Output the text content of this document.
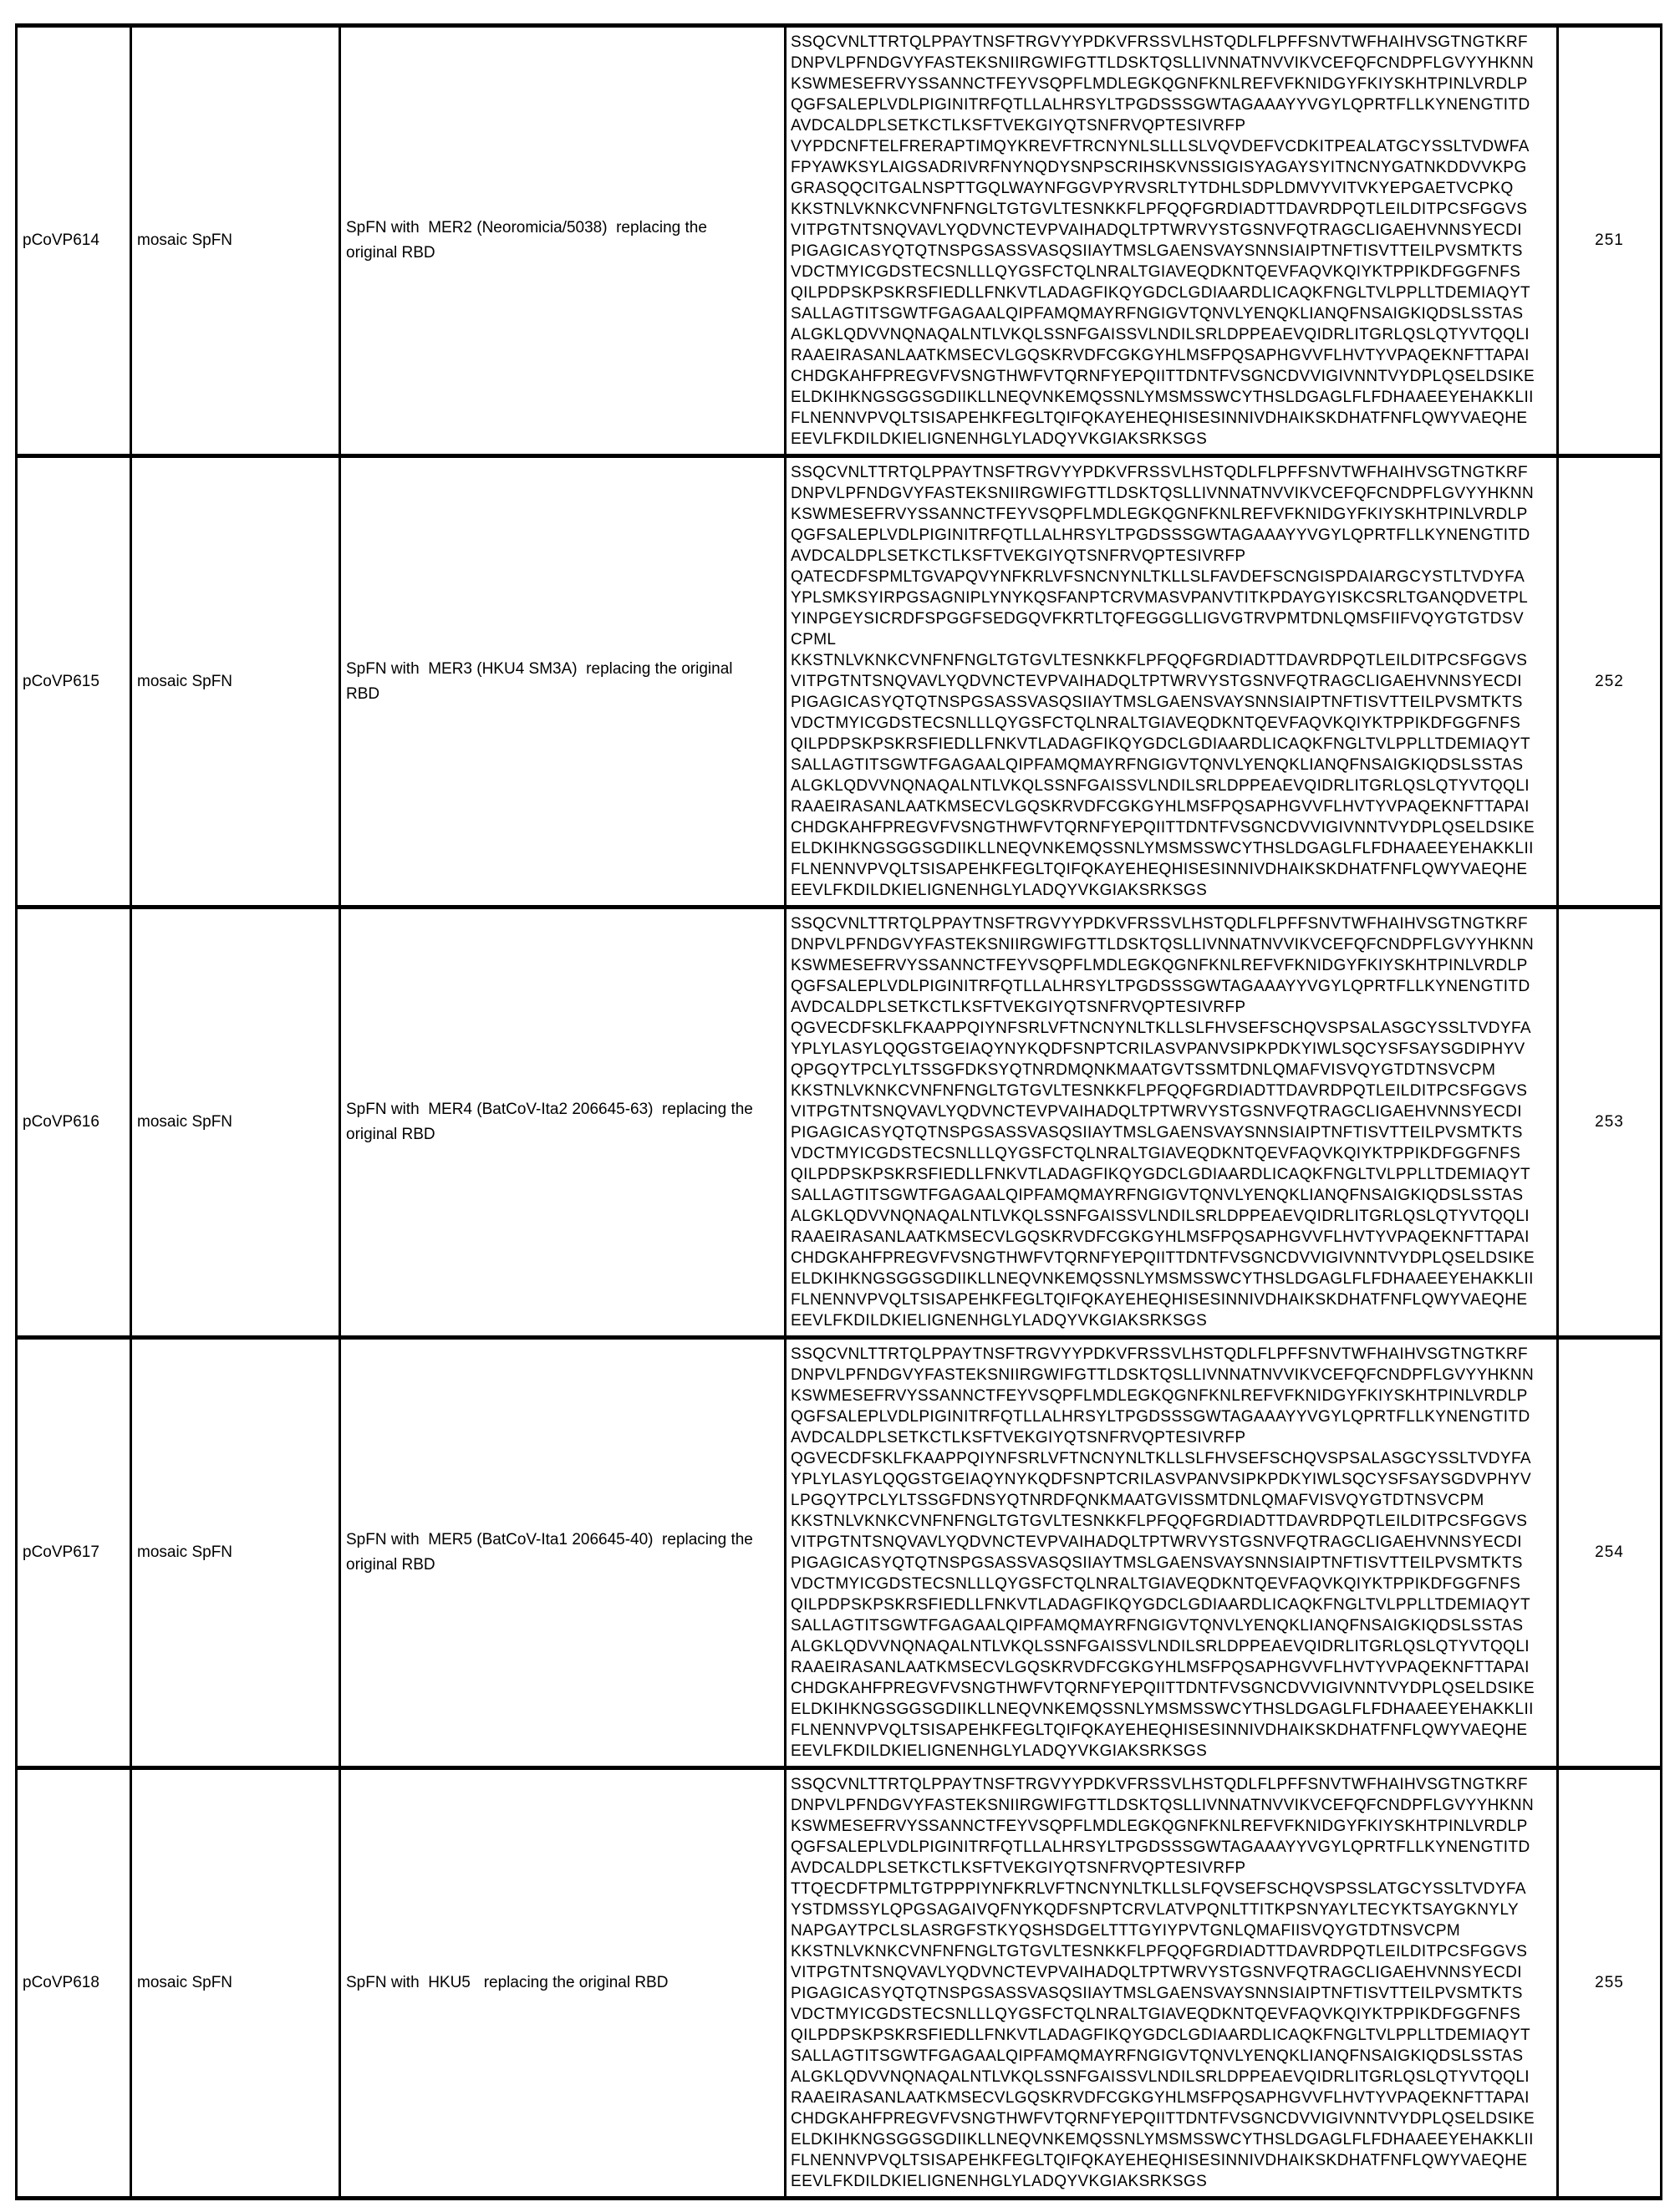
pCoVP614	mosaic SpFN	SpFN with  MER2 (Neoromicia/5038)  replacing the
original RBD	SSQCVNLTTRTQLPPAYTNSFTRGVYYPDKVFRSSVLHSTQDLFLPFFSNVTWFHAIHVSGTNGTKRF
DNPVLPFNDGVYFASTEKSNIIRGWIFGTTLDSKTQSLLIVNNATNVVIKVCEFQFCNDPFLGVYYHKNN
KSWMESEFRVYSSANNCTFEYVSQPFLMDLEGKQGNFKNLREFVFKNIDGYFKIYSKHTPINLVRDLP
QGFSALEPLVDLPIGINITRFQTLLALHRSYLTPGDSSSGWTAGAAAYYVGYLQPRTFLLKYNENGTITD
AVDCALDPLSETKCTLKSFTVEKGIYQTSNFRVQPTESIVRFP
VYPDCNFTELFRERAPTIMQYKREVFTRCNYNLSLLLSLVQVDEFVCDKITPEALATGCYSSLTVDWFA
FPYAWKSYLAIGSADRIVRFNYNQDYSNPSCRIHSKVNSSIGISYAGAYSYITNCNYGATNKDDVVKPG
GRASQQCITGALNSPTTGQLWAYNFGGVPYRVSRLTYTDHLSDPLDMVYVITVKYEPGAETVCPKQ
KKSTNLVKNKCVNFNFNGLTGTGVLTESNKKFLPFQQFGRDIADTTDAVRDPQTLEILDITPCSFGGVS
VITPGTNTSNQVAVLYQDVNCTEVPVAIHADQLTPTWRVYSTGSNVFQTRAGCLIGAEHVNNSYECDI
PIGAGICASYQTQTNSPGSASSVASQSIIAYTMSLGAENSVAYSNNSIAIPTNFTISVTTEILPVSMTKTS
VDCTMYICGDSTECSNLLLQYGSFCTQLNRALTGIAVEQDKNTQEVFAQVKQIYKTPPIKDFGGFNFS
QILPDPSKPSKRSFIEDLLFNKVTLADAGFIKQYGDCLGDIAARDLICAQKFNGLTVLPPLLTDEMIAQYT
SALLAGTITSGWTFGAGAALQIPFAMQMAYRFNGIGVTQNVLYENQKLIANQFNSAIGKIQDSLSSTAS
ALGKLQDVVNQNAQALNTLVKQLSSNFGAISSVLNDILSRLDPPEAEVQIDRLITGRLQSLQTYVTQQLI
RAAEIRASANLAATKMSECVLGQSKRVDFCGKGYHLMSFPQSAPHGVVFLHVTYVPAQEKNFTTAPAI
CHDGKAHFPREGVFVSNGTHWFVTQRNFYEPQIITTDNTFVSGNCDVVIGIVNNTVYDPLQSELDSIKE
ELDKIHKNGSGGSGDIIKLLNEQVNKEMQSSNLYMSMSSWCYTHSLDGAGLFLFDHAAEEYEHAKKLII
FLNENNVPVQLTSISAPEHKFEGLTQIFQKAYEHEQHISESINNIVDHAIKSKDHATFNFLQWYVAEQHE
EEVLFKDILDKIELIGNENHGLYLADQYVKGIAKSRKSGS	251
pCoVP615	mosaic SpFN	SpFN with  MER3 (HKU4 SM3A)  replacing the original
RBD	SSQCVNLTTRTQLPPAYTNSFTRGVYYPDKVFRSSVLHSTQDLFLPFFSNVTWFHAIHVSGTNGTKRF
DNPVLPFNDGVYFASTEKSNIIRGWIFGTTLDSKTQSLLIVNNATNVVIKVCEFQFCNDPFLGVYYHKNN
KSWMESEFRVYSSANNCTFEYVSQPFLMDLEGKQGNFKNLREFVFKNIDGYFKIYSKHTPINLVRDLP
QGFSALEPLVDLPIGINITRFQTLLALHRSYLTPGDSSSGWTAGAAAYYVGYLQPRTFLLKYNENGTITD
AVDCALDPLSETKCTLKSFTVEKGIYQTSNFRVQPTESIVRFP
QATECDFSPMLTGVAPQVYNFKRLVFSNCNYNLTKLLSLFAVDEFSCNGISPDAIARGCYSTLTVDYFA
YPLSMKSYIRPGSAGNIPLYNYKQSFANPTCRVMASVPANVTITKPDAYGYISKCSRLTGANQDVETPL
YINPGEYSICRDFSPGGFSEDGQVFKRTLTQFEGGGLLIGVGTRVPMTDNLQMSFIIFVQYGTGTDSV
CPML
KKSTNLVKNKCVNFNFNGLTGTGVLTESNKKFLPFQQFGRDIADTTDAVRDPQTLEILDITPCSFGGVS
VITPGTNTSNQVAVLYQDVNCTEVPVAIHADQLTPTWRVYSTGSNVFQTRAGCLIGAEHVNNSYECDI
PIGAGICASYQTQTNSPGSASSVASQSIIAYTMSLGAENSVAYSNNSIAIPTNFTISVTTEILPVSMTKTS
VDCTMYICGDSTECSNLLLQYGSFCTQLNRALTGIAVEQDKNTQEVFAQVKQIYKTPPIKDFGGFNFS
QILPDPSKPSKRSFIEDLLFNKVTLADAGFIKQYGDCLGDIAARDLICAQKFNGLTVLPPLLTDEMIAQYT
SALLAGTITSGWTFGAGAALQIPFAMQMAYRFNGIGVTQNVLYENQKLIANQFNSAIGKIQDSLSSTAS
ALGKLQDVVNQNAQALNTLVKQLSSNFGAISSVLNDILSRLDPPEAEVQIDRLITGRLQSLQTYVTQQLI
RAAEIRASANLAATKMSECVLGQSKRVDFCGKGYHLMSFPQSAPHGVVFLHVTYVPAQEKNFTTAPAI
CHDGKAHFPREGVFVSNGTHWFVTQRNFYEPQIITTDNTFVSGNCDVVIGIVNNTVYDPLQSELDSIKE
ELDKIHKNGSGGSGDIIKLLNEQVNKEMQSSNLYMSMSSWCYTHSLDGAGLFLFDHAAEEYEHAKKLII
FLNENNVPVQLTSISAPEHKFEGLTQIFQKAYEHEQHISESINNIVDHAIKSKDHATFNFLQWYVAEQHE
EEVLFKDILDKIELIGNENHGLYLADQYVKGIAKSRKSGS	252
pCoVP616	mosaic SpFN	SpFN with  MER4 (BatCoV-Ita2 206645-63)  replacing the
original RBD	SSQCVNLTTRTQLPPAYTNSFTRGVYYPDKVFRSSVLHSTQDLFLPFFSNVTWFHAIHVSGTNGTKRF
DNPVLPFNDGVYFASTEKSNIIRGWIFGTTLDSKTQSLLIVNNATNVVIKVCEFQFCNDPFLGVYYHKNN
KSWMESEFRVYSSANNCTFEYVSQPFLMDLEGKQGNFKNLREFVFKNIDGYFKIYSKHTPINLVRDLP
QGFSALEPLVDLPIGINITRFQTLLALHRSYLTPGDSSSGWTAGAAAYYVGYLQPRTFLLKYNENGTITD
AVDCALDPLSETKCTLKSFTVEKGIYQTSNFRVQPTESIVRFP
QGVECDFSKLFKAAPPQIYNFSRLVFTNCNYNLTKLLSLFHVSEFSCHQVSPSALASGCYSSLTVDYFA
YPLYLASYLQQGSTGEIAQYNYKQDFSNPTCRILASVPANVSIPKPDKYIWLSQCYSFSAYSGDIPHYV
QPGQYTPCLYLTSSGFDKSYQTNRDMQNKMAATGVTSSMTDNLQMAFVISVQYGTDTNSVCPM
KKSTNLVKNKCVNFNFNGLTGTGVLTESNKKFLPFQQFGRDIADTTDAVRDPQTLEILDITPCSFGGVS
VITPGTNTSNQVAVLYQDVNCTEVPVAIHADQLTPTWRVYSTGSNVFQTRAGCLIGAEHVNNSYECDI
PIGAGICASYQTQTNSPGSASSVASQSIIAYTMSLGAENSVAYSNNSIAIPTNFTISVTTEILPVSMTKTS
VDCTMYICGDSTECSNLLLQYGSFCTQLNRALTGIAVEQDKNTQEVFAQVKQIYKTPPIKDFGGFNFS
QILPDPSKPSKRSFIEDLLFNKVTLADAGFIKQYGDCLGDIAARDLICAQKFNGLTVLPPLLTDEMIAQYT
SALLAGTITSGWTFGAGAALQIPFAMQMAYRFNGIGVTQNVLYENQKLIANQFNSAIGKIQDSLSSTAS
ALGKLQDVVNQNAQALNTLVKQLSSNFGAISSVLNDILSRLDPPEAEVQIDRLITGRLQSLQTYVTQQLI
RAAEIRASANLAATKMSECVLGQSKRVDFCGKGYHLMSFPQSAPHGVVFLHVTYVPAQEKNFTTAPAI
CHDGKAHFPREGVFVSNGTHWFVTQRNFYEPQIITTDNTFVSGNCDVVIGIVNNTVYDPLQSELDSIKE
ELDKIHKNGSGGSGDIIKLLNEQVNKEMQSSNLYMSMSSWCYTHSLDGAGLFLFDHAAEEYEHAKKLII
FLNENNVPVQLTSISAPEHKFEGLTQIFQKAYEHEQHISESINNIVDHAIKSKDHATFNFLQWYVAEQHE
EEVLFKDILDKIELIGNENHGLYLADQYVKGIAKSRKSGS	253
pCoVP617	mosaic SpFN	SpFN with  MER5 (BatCoV-Ita1 206645-40)  replacing the
original RBD	SSQCVNLTTRTQLPPAYTNSFTRGVYYPDKVFRSSVLHSTQDLFLPFFSNVTWFHAIHVSGTNGTKRF
DNPVLPFNDGVYFASTEKSNIIRGWIFGTTLDSKTQSLLIVNNATNVVIKVCEFQFCNDPFLGVYYHKNN
KSWMESEFRVYSSANNCTFEYVSQPFLMDLEGKQGNFKNLREFVFKNIDGYFKIYSKHTPINLVRDLP
QGFSALEPLVDLPIGINITRFQTLLALHRSYLTPGDSSSGWTAGAAAYYVGYLQPRTFLLKYNENGTITD
AVDCALDPLSETKCTLKSFTVEKGIYQTSNFRVQPTESIVRFP
QGVECDFSKLFKAAPPQIYNFSRLVFTNCNYNLTKLLSLFHVSEFSCHQVSPSALASGCYSSLTVDYFA
YPLYLASYLQQGSTGEIAQYNYKQDFSNPTCRILASVPANVSIPKPDKYIWLSQCYSFSAYSGDVPHYV
LPGQYTPCLYLTSSGFDNSYQTNRDFQNKMAATGVISSMTDNLQMAFVISVQYGTDTNSVCPM
KKSTNLVKNKCVNFNFNGLTGTGVLTESNKKFLPFQQFGRDIADTTDAVRDPQTLEILDITPCSFGGVS
VITPGTNTSNQVAVLYQDVNCTEVPVAIHADQLTPTWRVYSTGSNVFQTRAGCLIGAEHVNNSYECDI
PIGAGICASYQTQTNSPGSASSVASQSIIAYTMSLGAENSVAYSNNSIAIPTNFTISVTTEILPVSMTKTS
VDCTMYICGDSTECSNLLLQYGSFCTQLNRALTGIAVEQDKNTQEVFAQVKQIYKTPPIKDFGGFNFS
QILPDPSKPSKRSFIEDLLFNKVTLADAGFIKQYGDCLGDIAARDLICAQKFNGLTVLPPLLTDEMIAQYT
SALLAGTITSGWTFGAGAALQIPFAMQMAYRFNGIGVTQNVLYENQKLIANQFNSAIGKIQDSLSSTAS
ALGKLQDVVNQNAQALNTLVKQLSSNFGAISSVLNDILSRLDPPEAEVQIDRLITGRLQSLQTYVTQQLI
RAAEIRASANLAATKMSECVLGQSKRVDFCGKGYHLMSFPQSAPHGVVFLHVTYVPAQEKNFTTAPAI
CHDGKAHFPREGVFVSNGTHWFVTQRNFYEPQIITTDNTFVSGNCDVVIGIVNNTVYDPLQSELDSIKE
ELDKIHKNGSGGSGDIIKLLNEQVNKEMQSSNLYMSMSSWCYTHSLDGAGLFLFDHAAEEYEHAKKLII
FLNENNVPVQLTSISAPEHKFEGLTQIFQKAYEHEQHISESINNIVDHAIKSKDHATFNFLQWYVAEQHE
EEVLFKDILDKIELIGNENHGLYLADQYVKGIAKSRKSGS	254
pCoVP618	mosaic SpFN	SpFN with  HKU5   replacing the original RBD	SSQCVNLTTRTQLPPAYTNSFTRGVYYPDKVFRSSVLHSTQDLFLPFFSNVTWFHAIHVSGTNGTKRF
DNPVLPFNDGVYFASTEKSNIIRGWIFGTTLDSKTQSLLIVNNATNVVIKVCEFQFCNDPFLGVYYHKNN
KSWMESEFRVYSSANNCTFEYVSQPFLMDLEGKQGNFKNLREFVFKNIDGYFKIYSKHTPINLVRDLP
QGFSALEPLVDLPIGINITRFQTLLALHRSYLTPGDSSSGWTAGAAAYYVGYLQPRTFLLKYNENGTITD
AVDCALDPLSETKCTLKSFTVEKGIYQTSNFRVQPTESIVRFP
TTQECDFTPMLTGTPPPIYNFKRLVFTNCNYNLTKLLSLFQVSEFSCHQVSPSSLATGCYSSLTVDYFA
YSTDMSSYLQPGSAGAIVQFNYKQDFSNPTCRVLATVPQNLTTITKPSNYAYLTECYKTSAYGKNYLY
NAPGAYTPCLSLASRGFSTKYQSHSDGELTTTGYIYPVTGNLQMAFIISVQYGTDTNSVCPM
KKSTNLVKNKCVNFNFNGLTGTGVLTESNKKFLPFQQFGRDIADTTDAVRDPQTLEILDITPCSFGGVS
VITPGTNTSNQVAVLYQDVNCTEVPVAIHADQLTPTWRVYSTGSNVFQTRAGCLIGAEHVNNSYECDI
PIGAGICASYQTQTNSPGSASSVASQSIIAYTMSLGAENSVAYSNNSIAIPTNFTISVTTEILPVSMTKTS
VDCTMYICGDSTECSNLLLQYGSFCTQLNRALTGIAVEQDKNTQEVFAQVKQIYKTPPIKDFGGFNFS
QILPDPSKPSKRSFIEDLLFNKVTLADAGFIKQYGDCLGDIAARDLICAQKFNGLTVLPPLLTDEMIAQYT
SALLAGTITSGWTFGAGAALQIPFAMQMAYRFNGIGVTQNVLYENQKLIANQFNSAIGKIQDSLSSTAS
ALGKLQDVVNQNAQALNTLVKQLSSNFGAISSVLNDILSRLDPPEAEVQIDRLITGRLQSLQTYVTQQLI
RAAEIRASANLAATKMSECVLGQSKRVDFCGKGYHLMSFPQSAPHGVVFLHVTYVPAQEKNFTTAPAI
CHDGKAHFPREGVFVSNGTHWFVTQRNFYEPQIITTDNTFVSGNCDVVIGIVNNTVYDPLQSELDSIKE
ELDKIHKNGSGGSGDIIKLLNEQVNKEMQSSNLYMSMSSWCYTHSLDGAGLFLFDHAAEEYEHAKKLII
FLNENNVPVQLTSISAPEHKFEGLTQIFQKAYEHEQHISESINNIVDHAIKSKDHATFNFLQWYVAEQHE
EEVLFKDILDKIELIGNENHGLYLADQYVKGIAKSRKSGS	255
